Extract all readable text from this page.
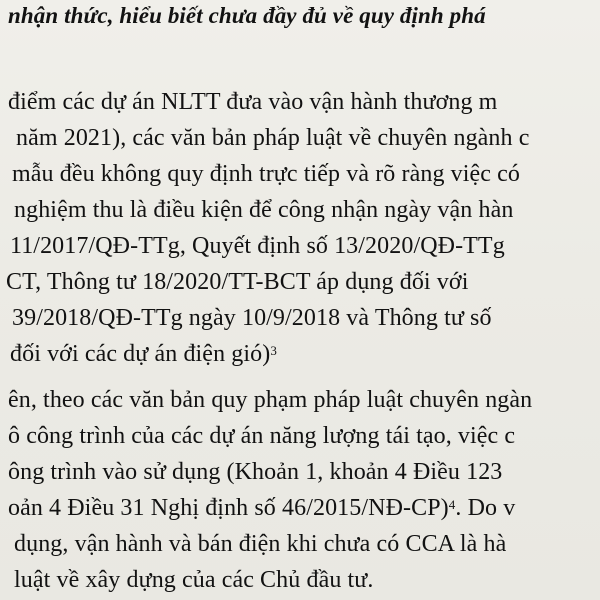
nhận thức, hiểu biết chưa đầy đủ về quy định phá
điểm các dự án NLTT đưa vào vận hành thương m
năm 2021), các văn bản pháp luật về chuyên ngành c
mẫu đều không quy định trực tiếp và rõ ràng việc có
nghiệm thu là điều kiện để công nhận ngày vận hàn
11/2017/QĐ-TTg, Quyết định số 13/2020/QĐ-TTg
CT, Thông tư 18/2020/TT-BCT áp dụng đối với
39/2018/QĐ-TTg ngày 10/9/2018 và Thông tư số
đối với các dự án điện gió)$^3$
ên, theo các văn bản quy phạm pháp luật chuyên ngàn
ô công trình của các dự án năng lượng tái tạo, việc c
ông trình vào sử dụng (Khoản 1, khoản 4 Điều 123
oản 4 Điều 31 Nghị định số 46/2015/NĐ-CP)$^4$. Do v
dụng, vận hành và bán điện khi chưa có CCA là hà
luật về xây dựng của các Chủ đầu tư.
